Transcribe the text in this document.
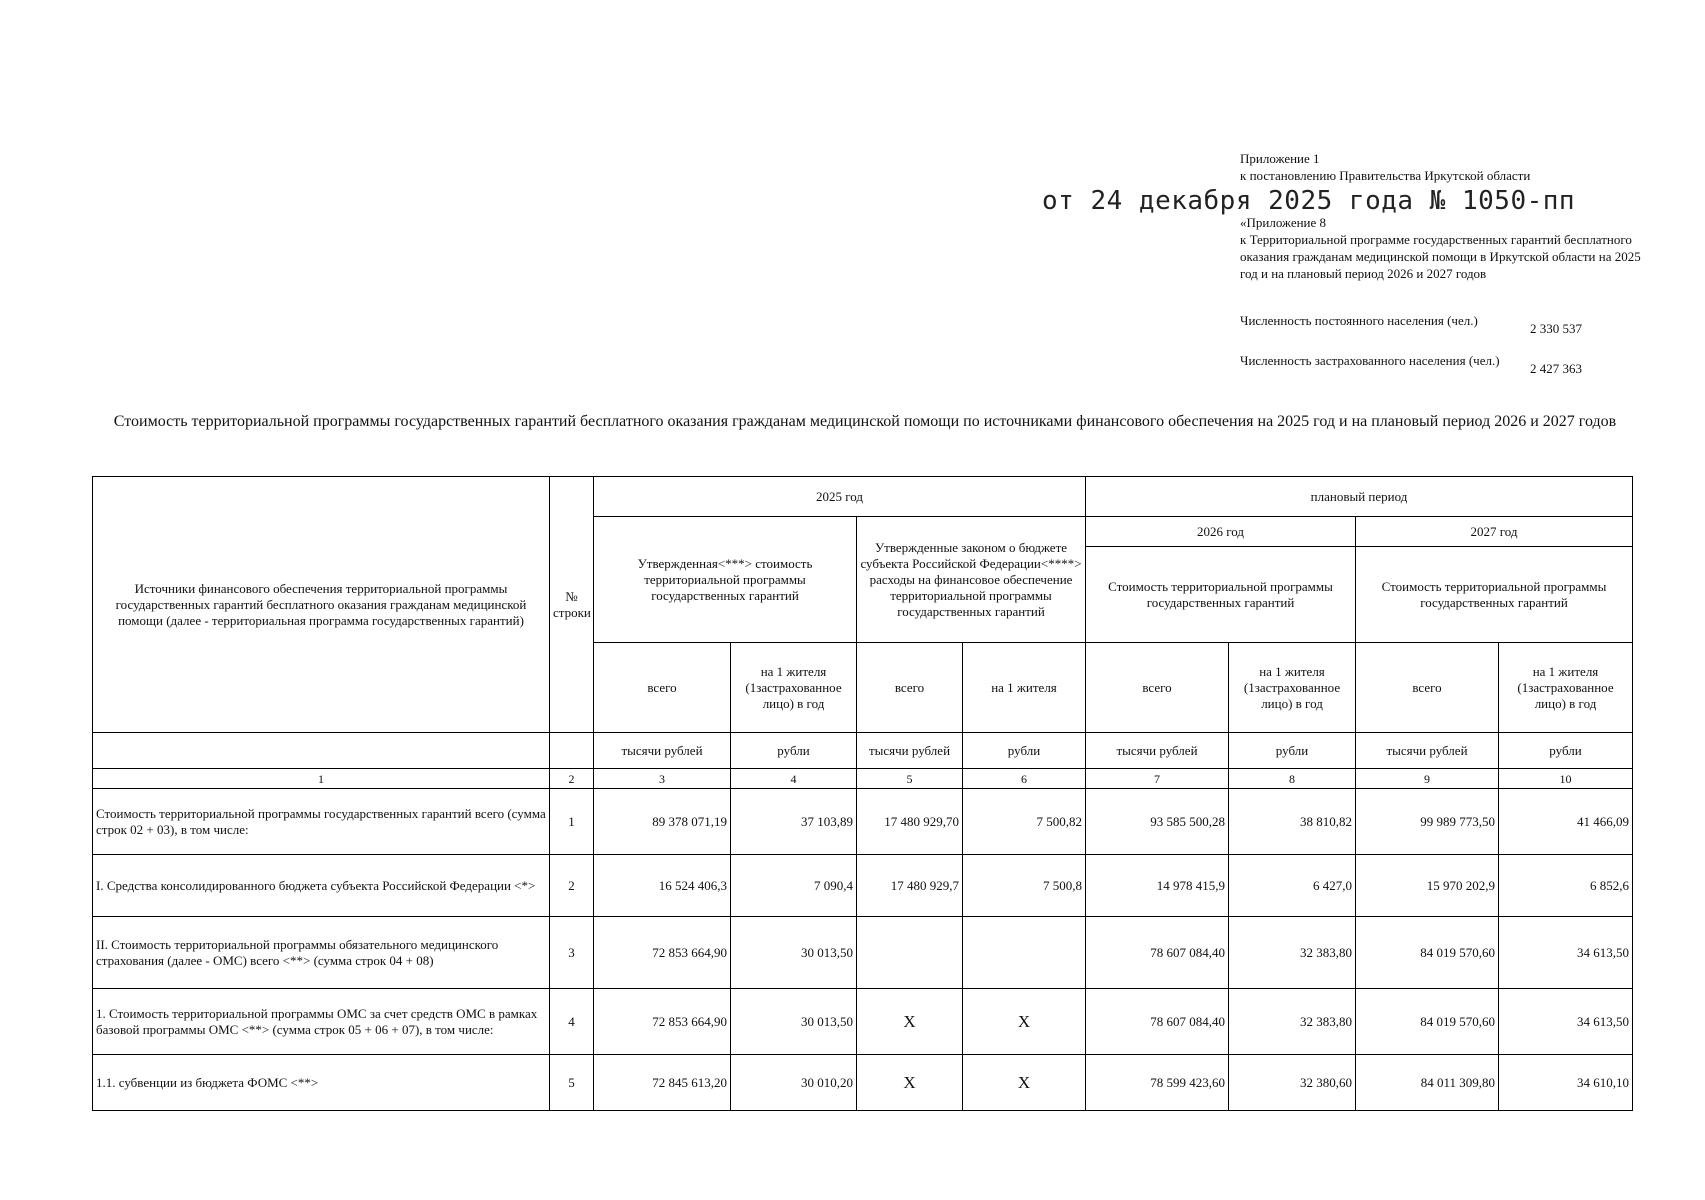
Приложение 1
к постановлению Правительства Иркутской области
от 24 декабря 2025 года № 1050-пп
«Приложение 8
к Территориальной программе государственных гарантий бесплатного оказания гражданам медицинской помощи в Иркутской области на 2025 год и на плановый период 2026 и 2027 годов
Численность постоянного населения (чел.)2 330 537
Численность застрахованного населения (чел.)2 427 363
Стоимость территориальной программы государственных гарантий бесплатного оказания гражданам медицинской помощи по источниками финансового обеспечения на 2025 год и на плановый период 2026 и 2027 годов
Источники финансового обеспечения территориальной программы государственных гарантий бесплатного оказания гражданам медицинской помощи (далее - территориальная программа государственных гарантий)	№ строки	2025 год				плановый период			
		Утвержденная<***> стоимость территориальной программы государственных гарантий		Утвержденные законом о бюджете субъекта Российской Федерации<****> расходы на финансовое обеспечение территориальной программы государственных гарантий		2026 год		2027 год	
						Стоимость территориальной программы государственных гарантий		Стоимость территориальной программы государственных гарантий	
		всего	на 1 жителя (1застрахованное лицо) в год	всего	на 1 жителя	всего	на 1 жителя (1застрахованное лицо) в год	всего	на 1 жителя (1застрахованное лицо) в год
		тысячи рублей	рубли	тысячи рублей	рубли	тысячи рублей	рубли	тысячи рублей	рубли
1	2	3	4	5	6	7	8	9	10
Стоимость территориальной программы государственных гарантий всего (сумма строк 02 + 03), в том числе:	1	89 378 071,19	37 103,89	17 480 929,70	7 500,82	93 585 500,28	38 810,82	99 989 773,50	41 466,09
I. Средства консолидированного бюджета субъекта Российской Федерации <*>	2	16 524 406,3	7 090,4	17 480 929,7	7 500,8	14 978 415,9	6 427,0	15 970 202,9	6 852,6
II. Стоимость территориальной программы обязательного медицинского страхования (далее - ОМС) всего <**> (сумма строк 04 + 08)	3	72 853 664,90	30 013,50			78 607 084,40	32 383,80	84 019 570,60	34 613,50
1. Стоимость территориальной программы ОМС за счет средств ОМС в рамках базовой программы ОМС <**> (сумма строк 05 + 06 + 07), в том числе:	4	72 853 664,90	30 013,50	X	X	78 607 084,40	32 383,80	84 019 570,60	34 613,50
1.1. субвенции из бюджета ФОМС <**>	5	72 845 613,20	30 010,20	X	X	78 599 423,60	32 380,60	84 011 309,80	34 610,10
